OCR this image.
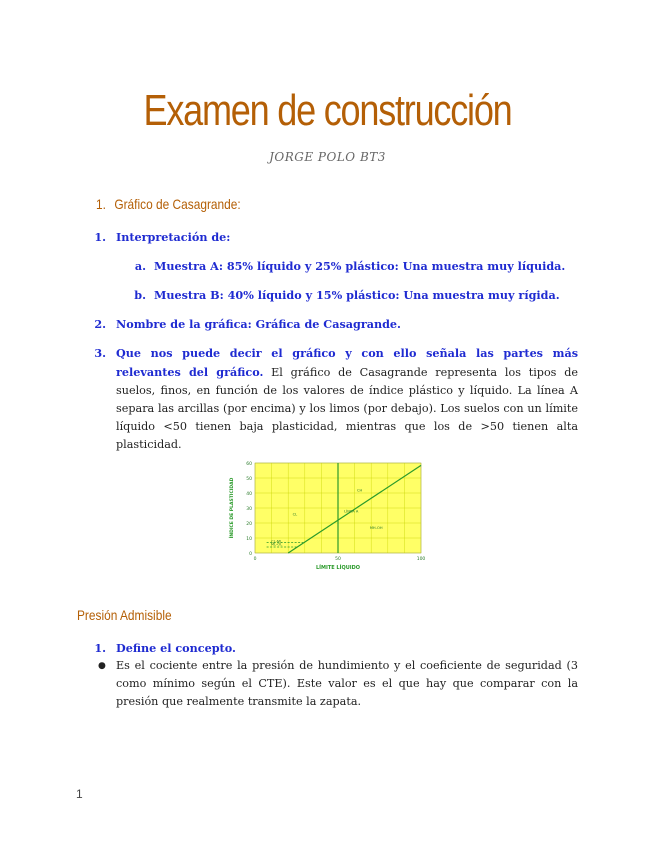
Examen de construcción
JORGE POLO BT3
1. Gráfico de Casagrande:
1. Interpretación de:
a. Muestra A: 85% líquido y 25% plástico: Una muestra muy líquida.
b. Muestra B: 40% líquido y 15% plástico: Una muestra muy rígida.
2. Nombre de la gráfica: Gráfica de Casagrande.
3. Que nos puede decir el gráfico y con ello señala las partes más relevantes del gráfico. El gráfico de Casagrande representa los tipos de suelos, finos, en función de los valores de índice plástico y líquido. La línea A separa las arcillas (por encima) y los limos (por debajo). Los suelos con un límite líquido <50 tienen baja plasticidad, mientras que los de >50 tienen alta plasticidad.
0
10
20
30
40
50
60
0	50	100
LÍMITE LÍQUIDO
ÍNDICE DE PLASTICIDAD	CL
CH
LÍNEA A
MH-OH
ML-OL
CL-ML
Presión Admisible
1. Define el concepto.
● Es el cociente entre la presión de hundimiento y el coeficiente de seguridad (3 como mínimo según el CTE). Este valor es el que hay que comparar con la presión que realmente transmite la zapata.
1
